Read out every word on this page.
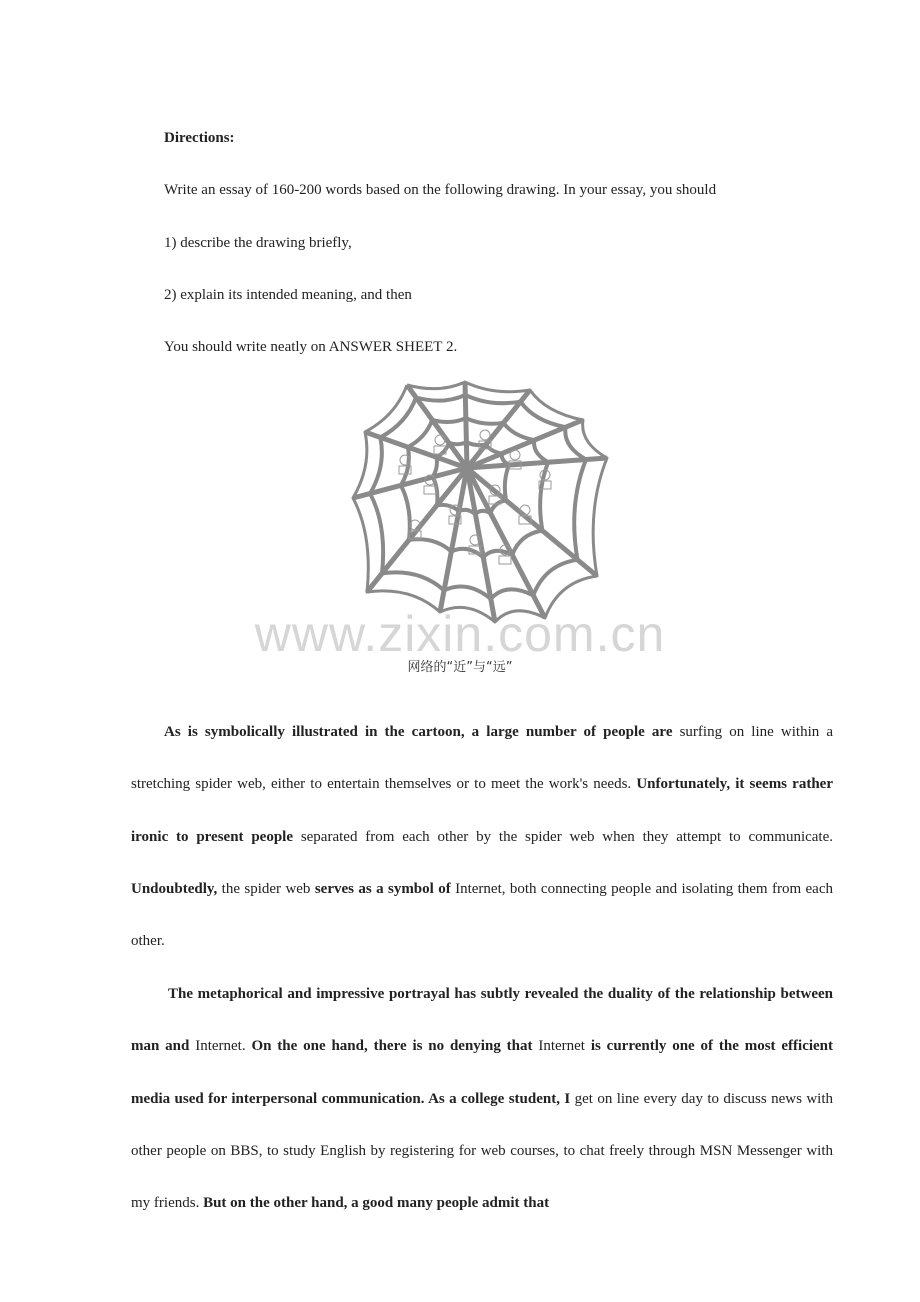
Directions:
Write an essay of 160-200 words based on the following drawing. In your essay, you should
1) describe the drawing briefly,
2) explain its intended meaning, and then
You should write neatly on ANSWER SHEET 2.
www.zixin.com.cn
网络的“近”与“远”
As is symbolically illustrated in the cartoon, a large number of people are surfing on line within a stretching spider web, either to entertain themselves or to meet the work's needs. Unfortunately, it seems rather ironic to present people separated from each other by the spider web when they attempt to communicate. Undoubtedly, the spider web serves as a symbol of Internet, both connecting people and isolating them from each other.
The metaphorical and impressive portrayal has subtly revealed the duality of the relationship between man and Internet. On the one hand, there is no denying that Internet is currently one of the most efficient media used for interpersonal communication. As a college student, I get on line every day to discuss news with other people on BBS, to study English by registering for web courses, to chat freely through MSN Messenger with my friends. But on the other hand, a good many people admit that
